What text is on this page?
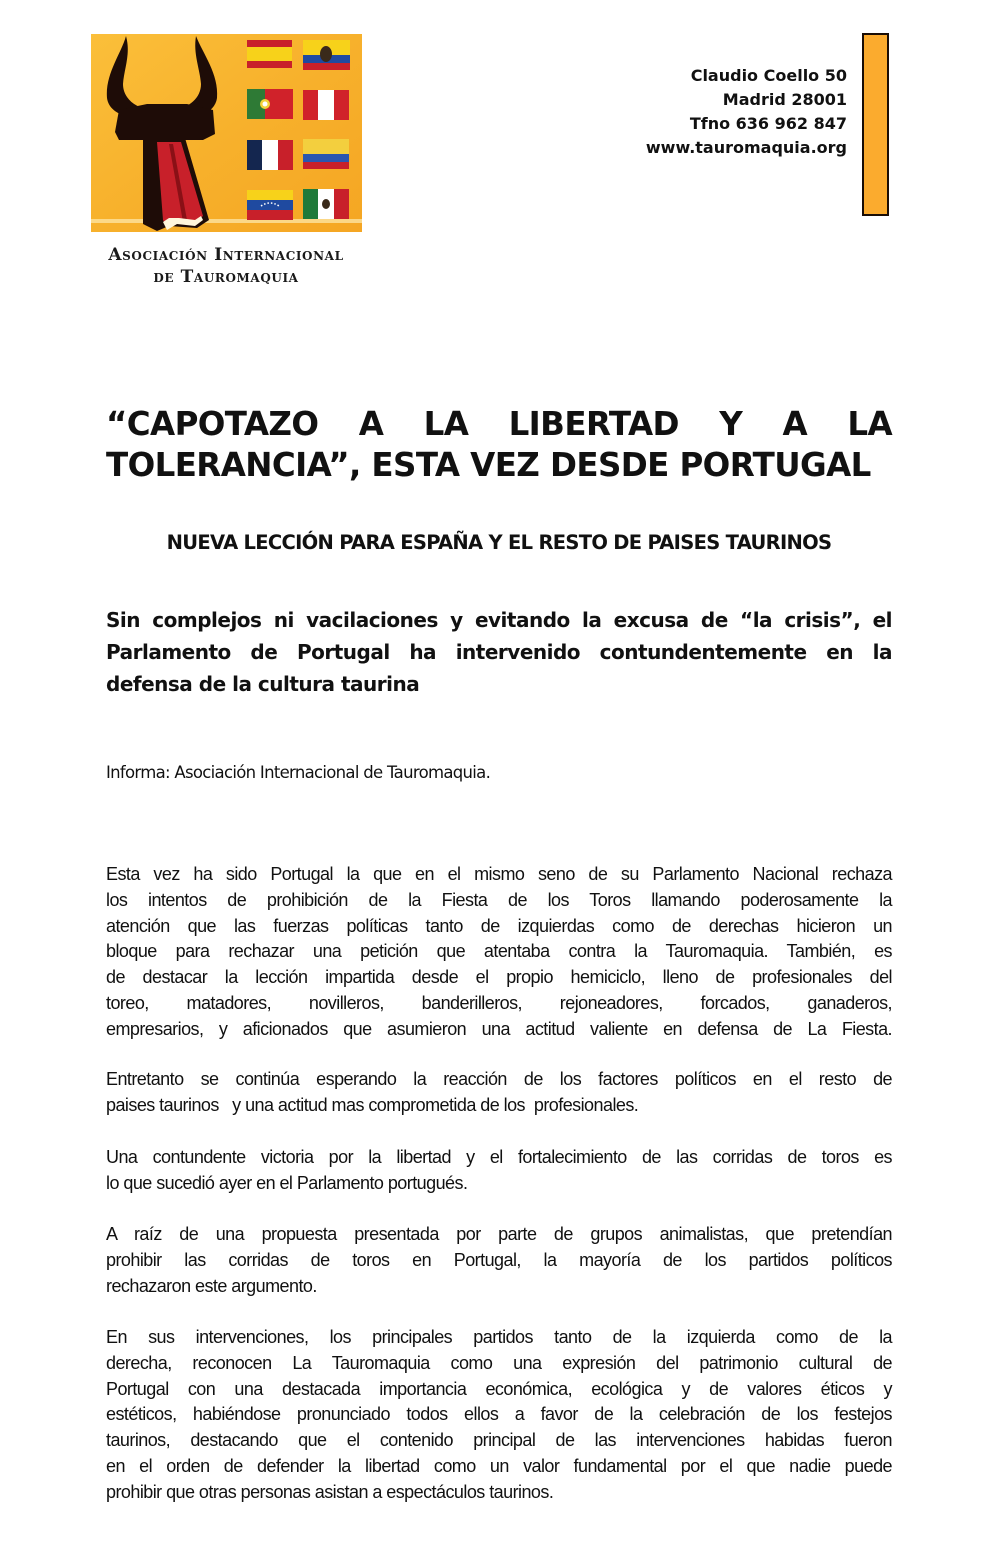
Asociación Internacional
de Tauromaquia
Claudio Coello 50
Madrid 28001
Tfno 636 962 847
www.tauromaquia.org
“CAPOTAZO A LA LIBERTAD Y A LA
TOLERANCIA”, ESTA VEZ DESDE PORTUGAL
NUEVA LECCIÓN PARA ESPAÑA Y EL RESTO DE PAISES TAURINOS
Sin complejos ni vacilaciones y evitando la excusa de “la crisis”, el
Parlamento de Portugal ha intervenido contundentemente en la
defensa de la cultura taurina
Informa: Asociación Internacional de Tauromaquia.
Esta vez ha sido Portugal la que en el mismo seno de su Parlamento Nacional rechaza
los intentos de prohibición de la Fiesta de los Toros llamando poderosamente la
atención que las fuerzas políticas tanto de izquierdas como de derechas hicieron un
bloque para rechazar una petición que atentaba contra la Tauromaquia. También, es
de destacar la lección impartida desde el propio hemiciclo, lleno de profesionales del
toreo, matadores, novilleros, banderilleros, rejoneadores, forcados, ganaderos,
empresarios, y aficionados que asumieron una actitud valiente en defensa de La Fiesta.
Entretanto se continúa esperando la reacción de los factores políticos en el resto de
paises taurinos   y una actitud mas comprometida de los  profesionales.
Una contundente victoria por la libertad y el fortalecimiento de las corridas de toros es
lo que sucedió ayer en el Parlamento portugués.
A raíz de una propuesta presentada por parte de grupos animalistas, que pretendían
prohibir las corridas de toros en Portugal, la mayoría de los partidos políticos
rechazaron este argumento.
En sus intervenciones, los principales partidos tanto de la izquierda como de la
derecha, reconocen La Tauromaquia como una expresión del patrimonio cultural de
Portugal con una destacada importancia económica, ecológica y de valores éticos y
estéticos, habiéndose pronunciado todos ellos a favor de la celebración de los festejos
taurinos, destacando que el contenido principal de las intervenciones habidas fueron
en el orden de defender la libertad como un valor fundamental por el que nadie puede
prohibir que otras personas asistan a espectáculos taurinos.
